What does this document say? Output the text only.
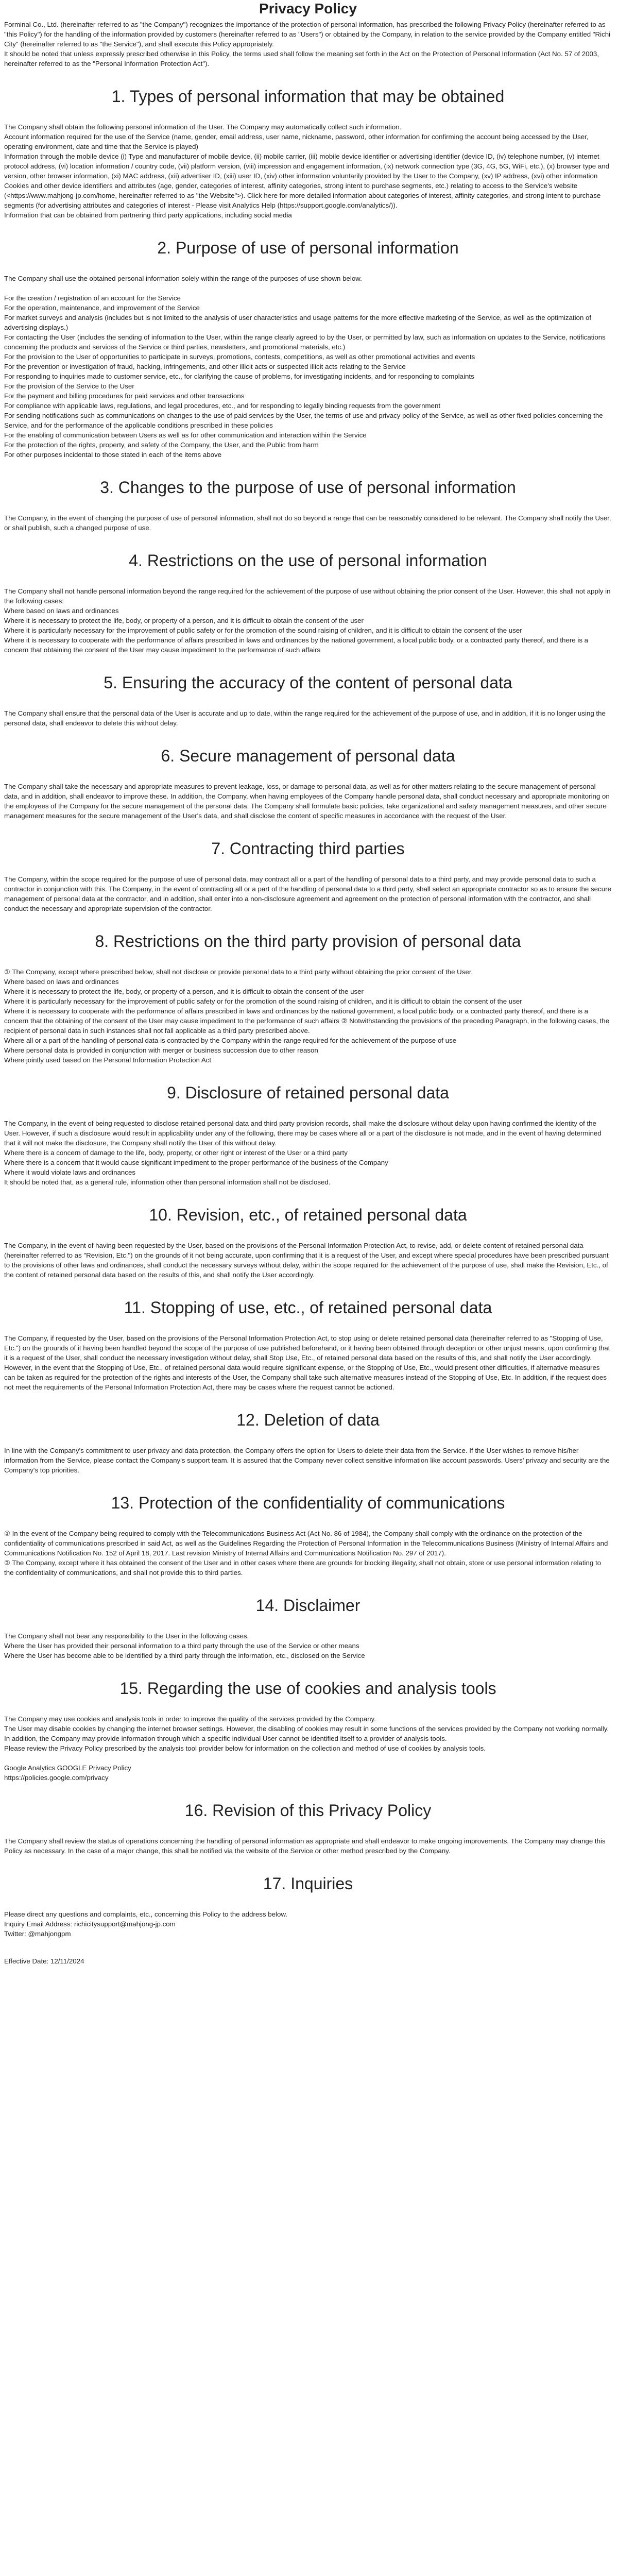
Privacy Policy

Forminal Co., Ltd. (hereinafter referred to as "the Company") recognizes the importance of the protection of personal information, has prescribed the following Privacy Policy (hereinafter referred to as "this Policy") for the handling of the information provided by customers (hereinafter referred to as "Users") or obtained by the Company, in relation to the service provided by the Company entitled "Richi City" (hereinafter referred to as "the Service"), and shall execute this Policy appropriately.

It should be noted that unless expressly prescribed otherwise in this Policy, the terms used shall follow the meaning set forth in the Act on the Protection of Personal Information (Act No. 57 of 2003, hereinafter referred to as the "Personal Information Protection Act").

1. Types of personal information that may be obtained

The Company shall obtain the following personal information of the User. The Company may automatically collect such information.

Account information required for the use of the Service (name, gender, email address, user name, nickname, password, other information for confirming the account being accessed by the User, operating environment, date and time that the Service is played)

Information through the mobile device (i) Type and manufacturer of mobile device, (ii) mobile carrier, (iii) mobile device identifier or advertising identifier (device ID, (iv) telephone number, (v) internet protocol address, (vi) location information / country code, (vii) platform version, (viii) impression and engagement information, (ix) network connection type (3G, 4G, 5G, WiFi, etc.), (x) browser type and version, other browser information, (xi) MAC address, (xii) advertiser ID, (xiii) user ID, (xiv) other information voluntarily provided by the User to the Company, (xv) IP address, (xvi) other information

Cookies and other device identifiers and attributes (age, gender, categories of interest, affinity categories, strong intent to purchase segments, etc.) relating to access to the Service's website (<https://www.mahjong-jp.com/home, hereinafter referred to as "the Website">). Click here for more detailed information about categories of interest, affinity categories, and strong intent to purchase segments (for advertising attributes and categories of interest - Please visit Analytics Help (https://support.google.com/analytics/)).

Information that can be obtained from partnering third party applications, including social media

2. Purpose of use of personal information

The Company shall use the obtained personal information solely within the range of the purposes of use shown below.

For the creation / registration of an account for the Service

For the operation, maintenance, and improvement of the Service

For market surveys and analysis (includes but is not limited to the analysis of user characteristics and usage patterns for the more effective marketing of the Service, as well as the optimization of advertising displays.)

For contacting the User (includes the sending of information to the User, within the range clearly agreed to by the User, or permitted by law, such as information on updates to the Service, notifications concerning the products and services of the Service or third parties, newsletters, and promotional materials, etc.)

For the provision to the User of opportunities to participate in surveys, promotions, contests, competitions, as well as other promotional activities and events

For the prevention or investigation of fraud, hacking, infringements, and other illicit acts or suspected illicit acts relating to the Service

For responding to inquiries made to customer service, etc., for clarifying the cause of problems, for investigating incidents, and for responding to complaints

For the provision of the Service to the User

For the payment and billing procedures for paid services and other transactions

For compliance with applicable laws, regulations, and legal procedures, etc., and for responding to legally binding requests from the government

For sending notifications such as communications on changes to the use of paid services by the User, the terms of use and privacy policy of the Service, as well as other fixed policies concerning the Service, and for the performance of the applicable conditions prescribed in these policies

For the enabling of communication between Users as well as for other communication and interaction within the Service

For the protection of the rights, property, and safety of the Company, the User, and the Public from harm

For other purposes incidental to those stated in each of the items above

3. Changes to the purpose of use of personal information

The Company, in the event of changing the purpose of use of personal information, shall not do so beyond a range that can be reasonably considered to be relevant. The Company shall notify the User, or shall publish, such a changed purpose of use.

4. Restrictions on the use of personal information

The Company shall not handle personal information beyond the range required for the achievement of the purpose of use without obtaining the prior consent of the User. However, this shall not apply in the following cases:

Where based on laws and ordinances

Where it is necessary to protect the life, body, or property of a person, and it is difficult to obtain the consent of the user

Where it is particularly necessary for the improvement of public safety or for the promotion of the sound raising of children, and it is difficult to obtain the consent of the user

Where it is necessary to cooperate with the performance of affairs prescribed in laws and ordinances by the national government, a local public body, or a contracted party thereof, and there is a concern that obtaining the consent of the User may cause impediment to the performance of such affairs

5. Ensuring the accuracy of the content of personal data

The Company shall ensure that the personal data of the User is accurate and up to date, within the range required for the achievement of the purpose of use, and in addition, if it is no longer using the personal data, shall endeavor to delete this without delay.

6. Secure management of personal data

The Company shall take the necessary and appropriate measures to prevent leakage, loss, or damage to personal data, as well as for other matters relating to the secure management of personal data, and in addition, shall endeavor to improve these. In addition, the Company, when having employees of the Company handle personal data, shall conduct necessary and appropriate monitoring on the employees of the Company for the secure management of the personal data. The Company shall formulate basic policies, take organizational and safety management measures, and other secure management measures for the secure management of the User's data, and shall disclose the content of specific measures in accordance with the request of the User.

7. Contracting third parties

The Company, within the scope required for the purpose of use of personal data, may contract all or a part of the handling of personal data to a third party, and may provide personal data to such a contractor in conjunction with this. The Company, in the event of contracting all or a part of the handling of personal data to a third party, shall select an appropriate contractor so as to ensure the secure management of personal data at the contractor, and in addition, shall enter into a non-disclosure agreement and agreement on the protection of personal information with the contractor, and shall conduct the necessary and appropriate supervision of the contractor.

8. Restrictions on the third party provision of personal data

① The Company, except where prescribed below, shall not disclose or provide personal data to a third party without obtaining the prior consent of the User.

Where based on laws and ordinances

Where it is necessary to protect the life, body, or property of a person, and it is difficult to obtain the consent of the user

Where it is particularly necessary for the improvement of public safety or for the promotion of the sound raising of children, and it is difficult to obtain the consent of the user

Where it is necessary to cooperate with the performance of affairs prescribed in laws and ordinances by the national government, a local public body, or a contracted party thereof, and there is a concern that the obtaining of the consent of the User may cause impediment to the performance of such affairs ② Notwithstanding the provisions of the preceding Paragraph, in the following cases, the recipient of personal data in such instances shall not fall applicable as a third party prescribed above.

Where all or a part of the handling of personal data is contracted by the Company within the range required for the achievement of the purpose of use

Where personal data is provided in conjunction with merger or business succession due to other reason

Where jointly used based on the Personal Information Protection Act

9. Disclosure of retained personal data

The Company, in the event of being requested to disclose retained personal data and third party provision records, shall make the disclosure without delay upon having confirmed the identity of the User. However, if such a disclosure would result in applicability under any of the following, there may be cases where all or a part of the disclosure is not made, and in the event of having determined that it will not make the disclosure, the Company shall notify the User of this without delay.

Where there is a concern of damage to the life, body, property, or other right or interest of the User or a third party

Where there is a concern that it would cause significant impediment to the proper performance of the business of the Company

Where it would violate laws and ordinances

It should be noted that, as a general rule, information other than personal information shall not be disclosed.

10. Revision, etc., of retained personal data

The Company, in the event of having been requested by the User, based on the provisions of the Personal Information Protection Act, to revise, add, or delete content of retained personal data (hereinafter referred to as "Revision, Etc.") on the grounds of it not being accurate, upon confirming that it is a request of the User, and except where special procedures have been prescribed pursuant to the provisions of other laws and ordinances, shall conduct the necessary surveys without delay, within the scope required for the achievement of the purpose of use, shall make the Revision, Etc., of the content of retained personal data based on the results of this, and shall notify the User accordingly.

11. Stopping of use, etc., of retained personal data

The Company, if requested by the User, based on the provisions of the Personal Information Protection Act, to stop using or delete retained personal data (hereinafter referred to as "Stopping of Use, Etc.") on the grounds of it having been handled beyond the scope of the purpose of use published beforehand, or it having been obtained through deception or other unjust means, upon confirming that it is a request of the User, shall conduct the necessary investigation without delay, shall Stop Use, Etc., of retained personal data based on the results of this, and shall notify the User accordingly. However, in the event that the Stopping of Use, Etc., of retained personal data would require significant expense, or the Stopping of Use, Etc., would present other difficulties, if alternative measures can be taken as required for the protection of the rights and interests of the User, the Company shall take such alternative measures instead of the Stopping of Use, Etc. In addition, if the request does not meet the requirements of the Personal Information Protection Act, there may be cases where the request cannot be actioned.

12. Deletion of data

In line with the Company's commitment to user privacy and data protection, the Company offers the option for Users to delete their data from the Service. If the User wishes to remove his/her information from the Service, please contact the Company's support team. It is assured that the Company never collect sensitive information like account passwords. Users' privacy and security are the Company's top priorities.

13. Protection of the confidentiality of communications

① In the event of the Company being required to comply with the Telecommunications Business Act (Act No. 86 of 1984), the Company shall comply with the ordinance on the protection of the confidentiality of communications prescribed in said Act, as well as the Guidelines Regarding the Protection of Personal Information in the Telecommunications Business (Ministry of Internal Affairs and Communications Notification No. 152 of April 18, 2017. Last revision Ministry of Internal Affairs and Communications Notification No. 297 of 2017).

② The Company, except where it has obtained the consent of the User and in other cases where there are grounds for blocking illegality, shall not obtain, store or use personal information relating to the confidentiality of communications, and shall not provide this to third parties.

14. Disclaimer

The Company shall not bear any responsibility to the User in the following cases.

Where the User has provided their personal information to a third party through the use of the Service or other means

Where the User has become able to be identified by a third party through the information, etc., disclosed on the Service

15. Regarding the use of cookies and analysis tools

The Company may use cookies and analysis tools in order to improve the quality of the services provided by the Company.

The User may disable cookies by changing the internet browser settings. However, the disabling of cookies may result in some functions of the services provided by the Company not working normally.

In addition, the Company may provide information through which a specific individual User cannot be identified itself to a provider of analysis tools.

Please review the Privacy Policy prescribed by the analysis tool provider below for information on the collection and method of use of cookies by analysis tools.

Google Analytics GOOGLE Privacy Policy

https://policies.google.com/privacy

16. Revision of this Privacy Policy

The Company shall review the status of operations concerning the handling of personal information as appropriate and shall endeavor to make ongoing improvements. The Company may change this Policy as necessary. In the case of a major change, this shall be notified via the website of the Service or other method prescribed by the Company.

17. Inquiries

Please direct any questions and complaints, etc., concerning this Policy to the address below.

Inquiry Email Address: richicitysupport@mahjong-jp.com

Twitter: @mahjongpm

Effective Date: 12/11/2024
